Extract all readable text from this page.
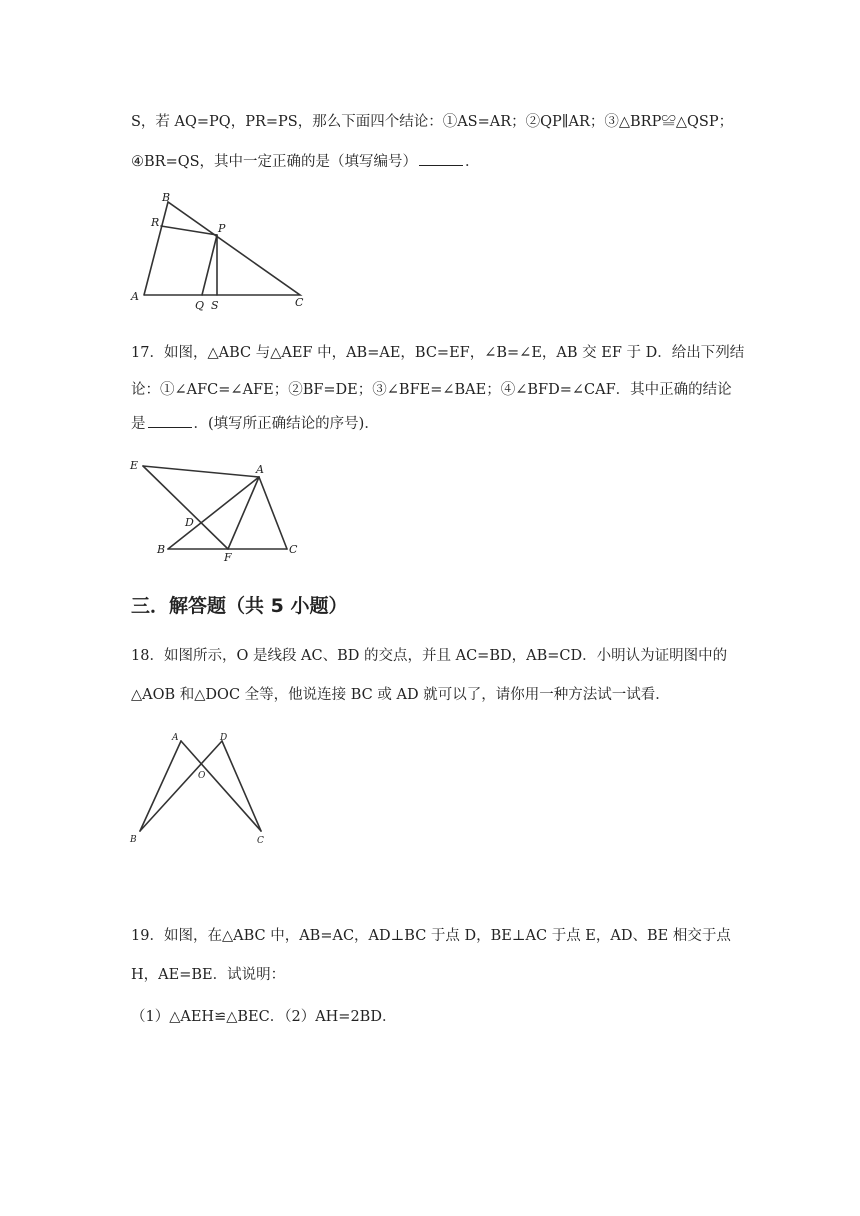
S，若 AQ=PQ，PR=PS，那么下面四个结论：①AS=AR；②QP∥AR；③△BRP≌△QSP；
④BR=QS，其中一定正确的是（填写编号）	．
B
R	P
A
Q S	C
17．如图，△ABC 与△AEF 中，AB=AE，BC=EF，∠B=∠E，AB 交 EF 于 D．给出下列结
论：①∠AFC=∠AFE；②BF=DE；③∠BFE=∠BAE；④∠BFD=∠CAF．其中正确的结论
是	．(填写所正确结论的序号)．
E	A
D
B
F
C
三．解答题（共 5 小题）
18．如图所示，O 是线段 AC、BD 的交点，并且 AC=BD，AB=CD．小明认为证明图中的
△AOB 和△DOC 全等，他说连接 BC 或 AD 就可以了，请你用一种方法试一试看．
A	D
O
B	C
19．如图，在△ABC 中，AB=AC，AD⊥BC 于点 D，BE⊥AC 于点 E，AD、BE 相交于点
H，AE=BE．试说明：
（1）△AEH≌△BEC．（2）AH=2BD．
